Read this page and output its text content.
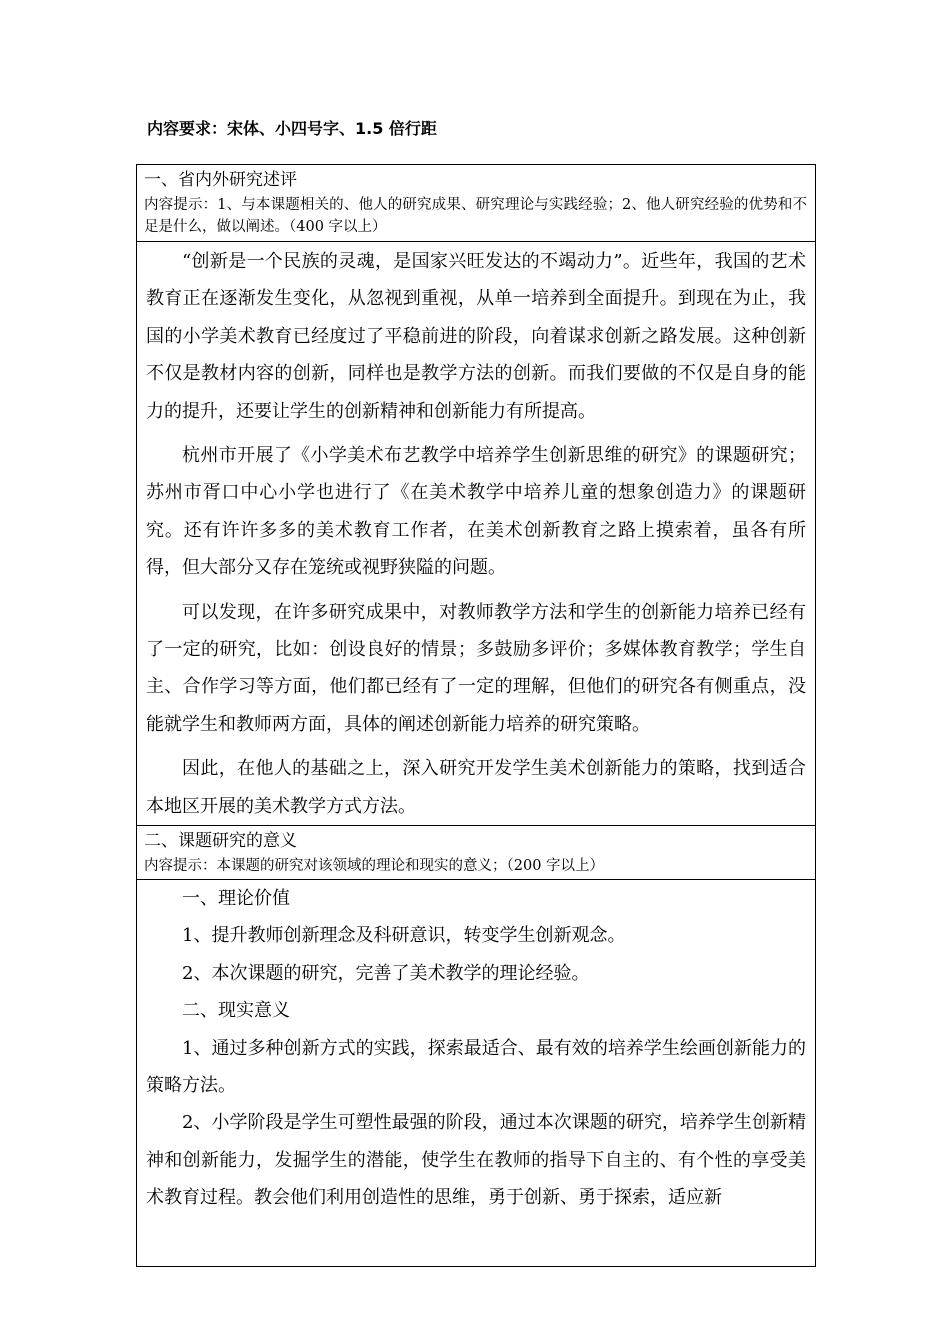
内容要求：宋体、小四号字、1.5 倍行距
一、省内外研究述评
内容提示：1、与本课题相关的、他人的研究成果、研究理论与实践经验；2、他人研究经验的优势和不足是什么，做以阐述。（400 字以上）

“创新是一个民族的灵魂，是国家兴旺发达的不竭动力”。近些年，我国的艺术教育正在逐渐发生变化，从忽视到重视，从单一培养到全面提升。到现在为止，我国的小学美术教育已经度过了平稳前进的阶段，向着谋求创新之路发展。这种创新不仅是教材内容的创新，同样也是教学方法的创新。而我们要做的不仅是自身的能力的提升，还要让学生的创新精神和创新能力有所提高。

杭州市开展了《小学美术布艺教学中培养学生创新思维的研究》的课题研究；苏州市胥口中心小学也进行了《在美术教学中培养儿童的想象创造力》的课题研究。还有许许多多的美术教育工作者，在美术创新教育之路上摸索着，虽各有所得，但大部分又存在笼统或视野狭隘的问题。

可以发现，在许多研究成果中，对教师教学方法和学生的创新能力培养已经有了一定的研究，比如：创设良好的情景；多鼓励多评价；多媒体教育教学；学生自主、合作学习等方面，他们都已经有了一定的理解，但他们的研究各有侧重点，没能就学生和教师两方面，具体的阐述创新能力培养的研究策略。

因此，在他人的基础之上，深入研究开发学生美术创新能力的策略，找到适合本地区开展的美术教学方式方法。

二、课题研究的意义
内容提示：本课题的研究对该领域的理论和现实的意义；（200 字以上）

一、理论价值

1、提升教师创新理念及科研意识，转变学生创新观念。

2、本次课题的研究，完善了美术教学的理论经验。

二、现实意义

1、通过多种创新方式的实践，探索最适合、最有效的培养学生绘画创新能力的策略方法。

2、小学阶段是学生可塑性最强的阶段，通过本次课题的研究，培养学生创新精神和创新能力，发掘学生的潜能，使学生在教师的指导下自主的、有个性的享受美术教育过程。教会他们利用创造性的思维，勇于创新、勇于探索，适应新
